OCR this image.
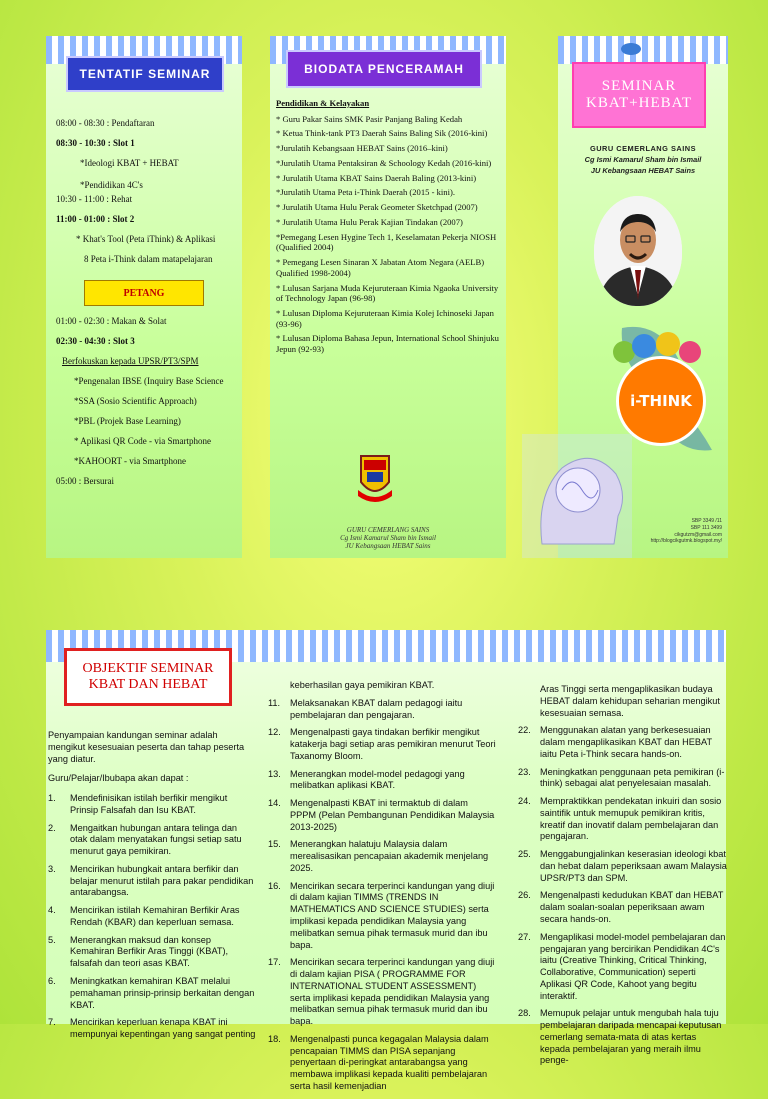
TENTATIF SEMINAR
08:00 - 08:30 : Pendaftaran
08:30 - 10:30 : Slot 1
*Ideologi KBAT + HEBAT
*Pendidikan 4C's
10:30 - 11:00 : Rehat
11:00 - 01:00 : Slot 2
* Khat's Tool (Peta iThink) & Aplikasi
8 Peta i-Think dalam matapelajaran
PETANG
01:00 - 02:30 : Makan & Solat
02:30 - 04:30 : Slot 3
Berfokuskan kepada UPSR/PT3/SPM
*Pengenalan IBSE (Inquiry Base Science
*SSA (Sosio Scientific Approach)
*PBL (Projek Base Learning)
* Aplikasi QR Code - via Smartphone
*KAHOORT - via Smartphone
05:00 : Bersurai
BIODATA PENCERAMAH
Pendidikan & Kelayakan
* Guru Pakar Sains SMK Pasir Panjang Baling Kedah
* Ketua Think-tank PT3 Daerah Sains Baling Sik (2016-kini)
*Jurulatih Kebangsaan HEBAT Sains (2016–kini)
*Jurulatih Utama Pentaksiran & Schoology Kedah (2016-kini)
* Jurulatih Utama KBAT Sains Daerah Baling (2013-kini)
*Jurulatih Utama Peta i-Think Daerah (2015 - kini).
* Jurulatih Utama Hulu Perak Geometer Sketchpad (2007)
* Jurulatih Utama Hulu Perak Kajian Tindakan (2007)
*Pemegang Lesen Hygine Tech 1, Keselamatan Pekerja NIOSH (Qualified 2004)
* Pemegang Lesen Sinaran X Jabatan Atom Negara (AELB) Qualified 1998-2004)
* Lulusan Sarjana Muda Kejuruteraan Kimia Ngaoka University of Technology Japan (96-98)
* Lulusan Diploma Kejuruteraan Kimia Kolej Ichinoseki Japan (93-96)
* Lulusan Diploma Bahasa Jepun, International School Shinjuku Jepun (92-93)
GURU CEMERLANG SAINS
Cg Ismi Kamarul Sham bin Ismail
JU Kebangsaan HEBAT Sains
SEMINAR
KBAT+HEBAT
GURU CEMERLANG SAINS
Cg Ismi Kamarul Sham bin Ismail
JU Kebangsaan HEBAT Sains
i-THINK
SBP 3349 /11
SBP 111 3499
cikgutzm@gmail.com
http://blogcikgutmk.blogspot.my/
OBJEKTIF SEMINAR
KBAT DAN HEBAT

Penyampaian kandungan seminar adalah mengikut kesesuaian peserta dan tahap peserta yang diatur.

Guru/Pelajar/Ibubapa akan dapat :

1.	Mendefinisikan istilah berfikir mengikut Prinsip Falsafah dan Isu KBAT.
2.	Mengaitkan hubungan antara telinga dan otak dalam menyatakan fungsi setiap satu menurut gaya pemikiran.
3.	Mencirikan hubungkait antara berfikir dan belajar menurut istilah para pakar pendidikan antarabangsa.
4.	Mencirikan istilah Kemahiran Berfikir Aras Rendah (KBAR) dan keperluan semasa.
5.	Menerangkan maksud dan konsep Kemahiran Berfikir Aras Tinggi (KBAT), falsafah dan teori asas KBAT.
6.	Meningkatkan kemahiran KBAT melalui pemahaman prinsip-prinsip berkaitan dengan KBAT.
7.	Mencirikan keperluan kenapa KBAT ini mempunyai kepentingan yang sangat penting

keberhasilan gaya pemikiran KBAT.

11.	Melaksanakan KBAT dalam pedagogi iaitu pembelajaran dan pengajaran.
12.	Mengenalpasti gaya tindakan berfikir mengikut katakerja bagi setiap aras pemikiran menurut Teori Taxanomy Bloom.
13.	Menerangkan model-model pedagogi yang melibatkan aplikasi KBAT.
14.	Mengenalpasti KBAT ini termaktub di dalam PPPM (Pelan Pembangunan Pendidikan Malaysia 2013-2025)
15.	Menerangkan halatuju Malaysia dalam merealisasikan pencapaian akademik menjelang 2025.
16.	Mencirikan secara terperinci kandungan yang diuji di dalam kajian TIMMS (TRENDS IN MATHEMATICS AND SCIENCE STUDIES) serta implikasi kepada pendidikan Malaysia yang melibatkan semua pihak termasuk murid dan ibu bapa.
17.	Mencirikan secara terperinci kandungan yang diuji di dalam kajian PISA ( PROGRAMME FOR INTERNATIONAL STUDENT ASSESSMENT) serta implikasi kepada pendidikan Malaysia yang melibatkan semua pihak termasuk murid dan ibu bapa.
18.	Mengenalpasti punca kegagalan Malaysia dalam pencapaian TIMMS dan PISA sepanjang penyertaan di-peringkat antarabangsa yang membawa implikasi kepada kualiti pembelajaran serta hasil kemenjadian

Aras Tinggi serta mengaplikasikan budaya HEBAT dalam kehidupan seharian mengikut kesesuaian semasa.

22.	Menggunakan alatan yang berkesesuaian dalam mengaplikasikan KBAT dan HEBAT iaitu Peta i-Think secara hands-on.
23.	Meningkatkan penggunaan peta pemikiran (i-think) sebagai alat penyelesaian masalah.
24.	Mempraktikkan pendekatan inkuiri dan sosio saintifik untuk memupuk pemikiran kritis, kreatif dan inovatif dalam pembelajaran dan pengajaran.
25.	Menggabungjalinkan keserasian ideologi kbat dan hebat dalam peperiksaan awam Malaysia UPSR/PT3 dan SPM.
26.	Mengenalpasti kedudukan KBAT dan HEBAT dalam soalan-soalan peperiksaan awam secara hands-on.
27.	Mengaplikasi model-model pembelajaran dan pengajaran yang bercirikan Pendidikan 4C's iaitu (Creative Thinking, Critical Thinking, Collaborative, Communication) seperti Aplikasi QR Code, Kahoot yang begitu interaktif.
28.	Memupuk pelajar untuk mengubah hala tuju pembelajaran daripada mencapai keputusan cemerlang semata-mata di atas kertas kepada pembelajaran yang meraih ilmu penge-
